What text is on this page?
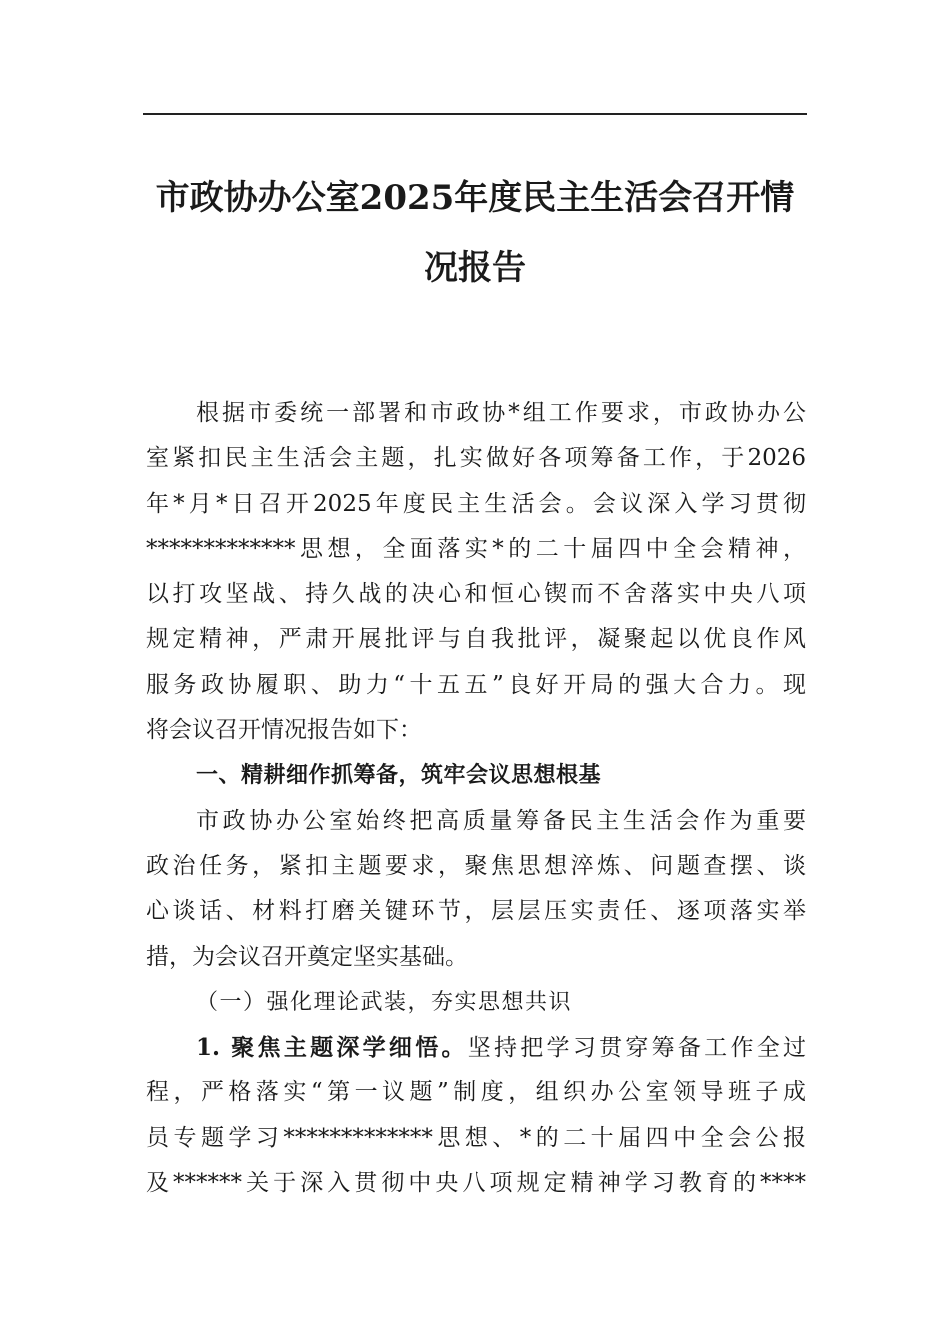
市政协办公室2025年度民主生活会召开情
况报告
根据市委统一部署和市政协*组工作要求，市政协办公
室紧扣民主生活会主题，扎实做好各项筹备工作，于2026
年*月*日召开2025年度民主生活会。会议深入学习贯彻
*************思想，全面落实*的二十届四中全会精神，
以打攻坚战、持久战的决心和恒心锲而不舍落实中央八项
规定精神，严肃开展批评与自我批评，凝聚起以优良作风
服务政协履职、助力“十五五”良好开局的强大合力。现
将会议召开情况报告如下：
一、精耕细作抓筹备，筑牢会议思想根基
市政协办公室始终把高质量筹备民主生活会作为重要
政治任务，紧扣主题要求，聚焦思想淬炼、问题查摆、谈
心谈话、材料打磨关键环节，层层压实责任、逐项落实举
措，为会议召开奠定坚实基础。
（一）强化理论武装，夯实思想共识
1. 聚焦主题深学细悟。坚持把学习贯穿筹备工作全过
程，严格落实“第一议题”制度，组织办公室领导班子成
员专题学习*************思想、*的二十届四中全会公报
及******关于深入贯彻中央八项规定精神学习教育的****
